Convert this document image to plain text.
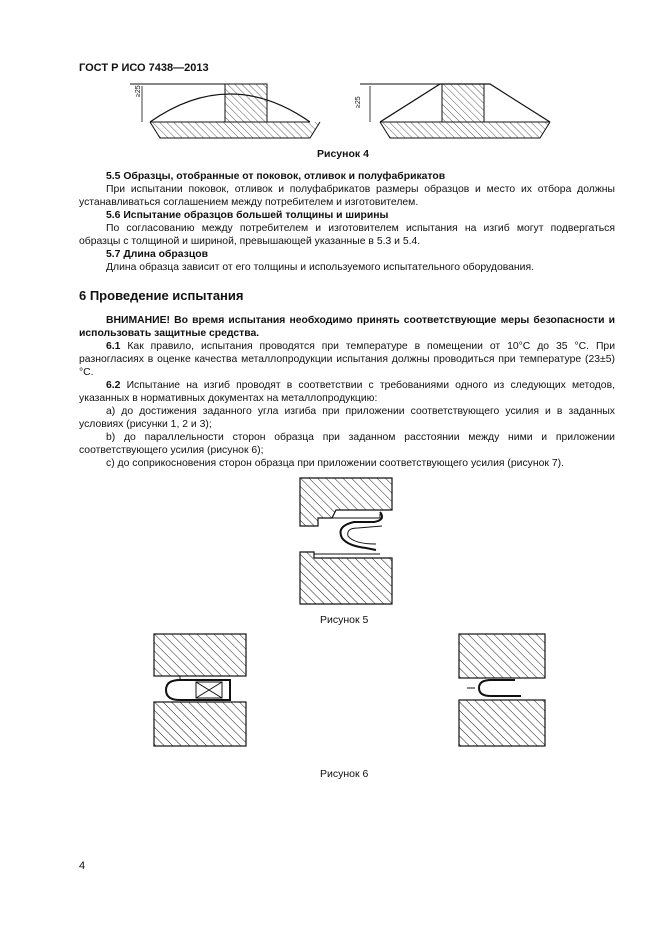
ГОСТ Р ИСО 7438—2013
≥25
≥25
Рисунок 4

5.5 Образцы, отобранные от поковок, отливок и полуфабрикатов

При испытании поковок, отливок и полуфабрикатов размеры образцов и место их отбора должны устанавливаться соглашением между потребителем и изготовителем.

5.6 Испытание образцов большей толщины и ширины

По согласованию между потребителем и изготовителем испытания на изгиб могут подвергаться образцы с толщиной и шириной, превышающей указанные в 5.3 и 5.4.

5.7 Длина образцов

Длина образца зависит от его толщины и используемого испытательного оборудования.

6 Проведение испытания

ВНИМАНИЕ! Во время испытания необходимо принять соответствующие меры безопасности и использовать защитные средства.

6.1 Как правило, испытания проводятся при температуре в помещении от 10°С до 35 °С. При разногласиях в оценке качества металлопродукции испытания должны проводиться при температуре (23±5)°С.

6.2 Испытание на изгиб проводят в соответствии с требованиями одного из следующих методов, указанных в нормативных документах на металлопродукцию:

а) до достижения заданного угла изгиба при приложении соответствующего усилия и в заданных условиях (рисунки 1, 2 и 3);

b) до параллельности сторон образца при заданном расстоянии между ними и приложении соответствующего усилия (рисунок 6);

с) до соприкосновения сторон образца при приложении соответствующего усилия (рисунок 7).

Рисунок 5
Рисунок 6
4
